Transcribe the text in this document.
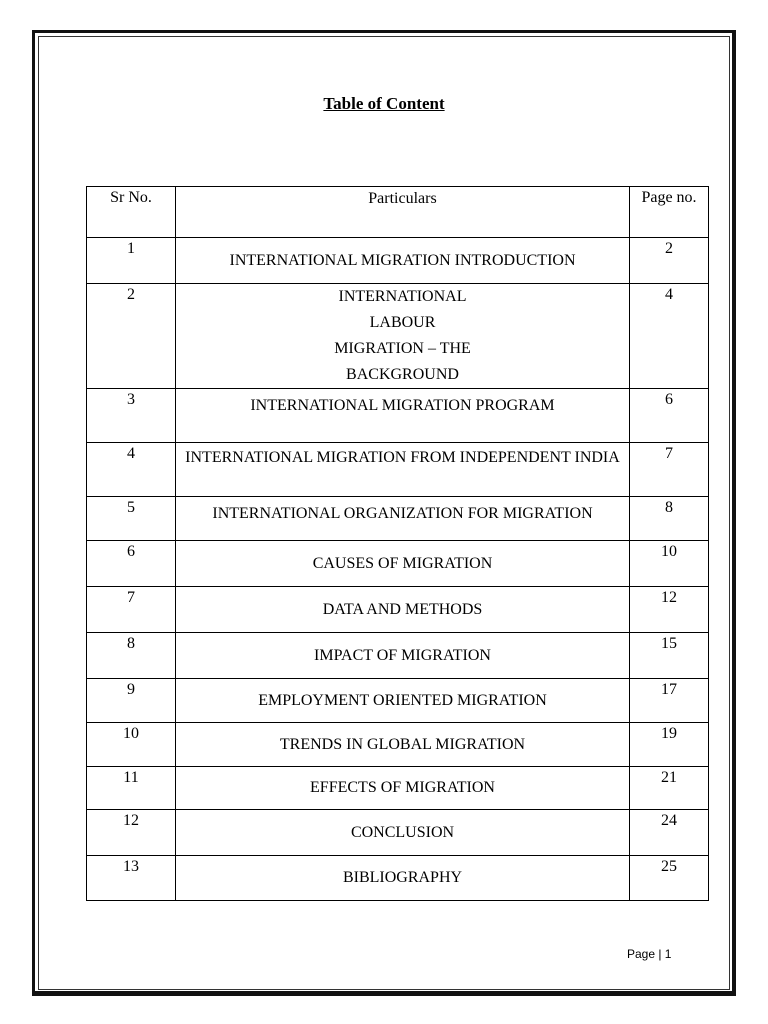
Table of Content
Sr No.	Particulars	Page no.
1	INTERNATIONAL MIGRATION INTRODUCTION	2
2	INTERNATIONAL LABOUR MIGRATION – THE BACKGROUND	4
3	INTERNATIONAL MIGRATION PROGRAM	6
4	INTERNATIONAL MIGRATION FROM INDEPENDENT INDIA	7
5	INTERNATIONAL ORGANIZATION FOR MIGRATION	8
6	CAUSES OF MIGRATION	10
7	DATA AND METHODS	12
8	IMPACT OF MIGRATION	15
9	EMPLOYMENT ORIENTED MIGRATION	17
10	TRENDS IN GLOBAL MIGRATION	19
11	EFFECTS OF MIGRATION	21
12	CONCLUSION	24
13	BIBLIOGRAPHY	25
Page | 1
